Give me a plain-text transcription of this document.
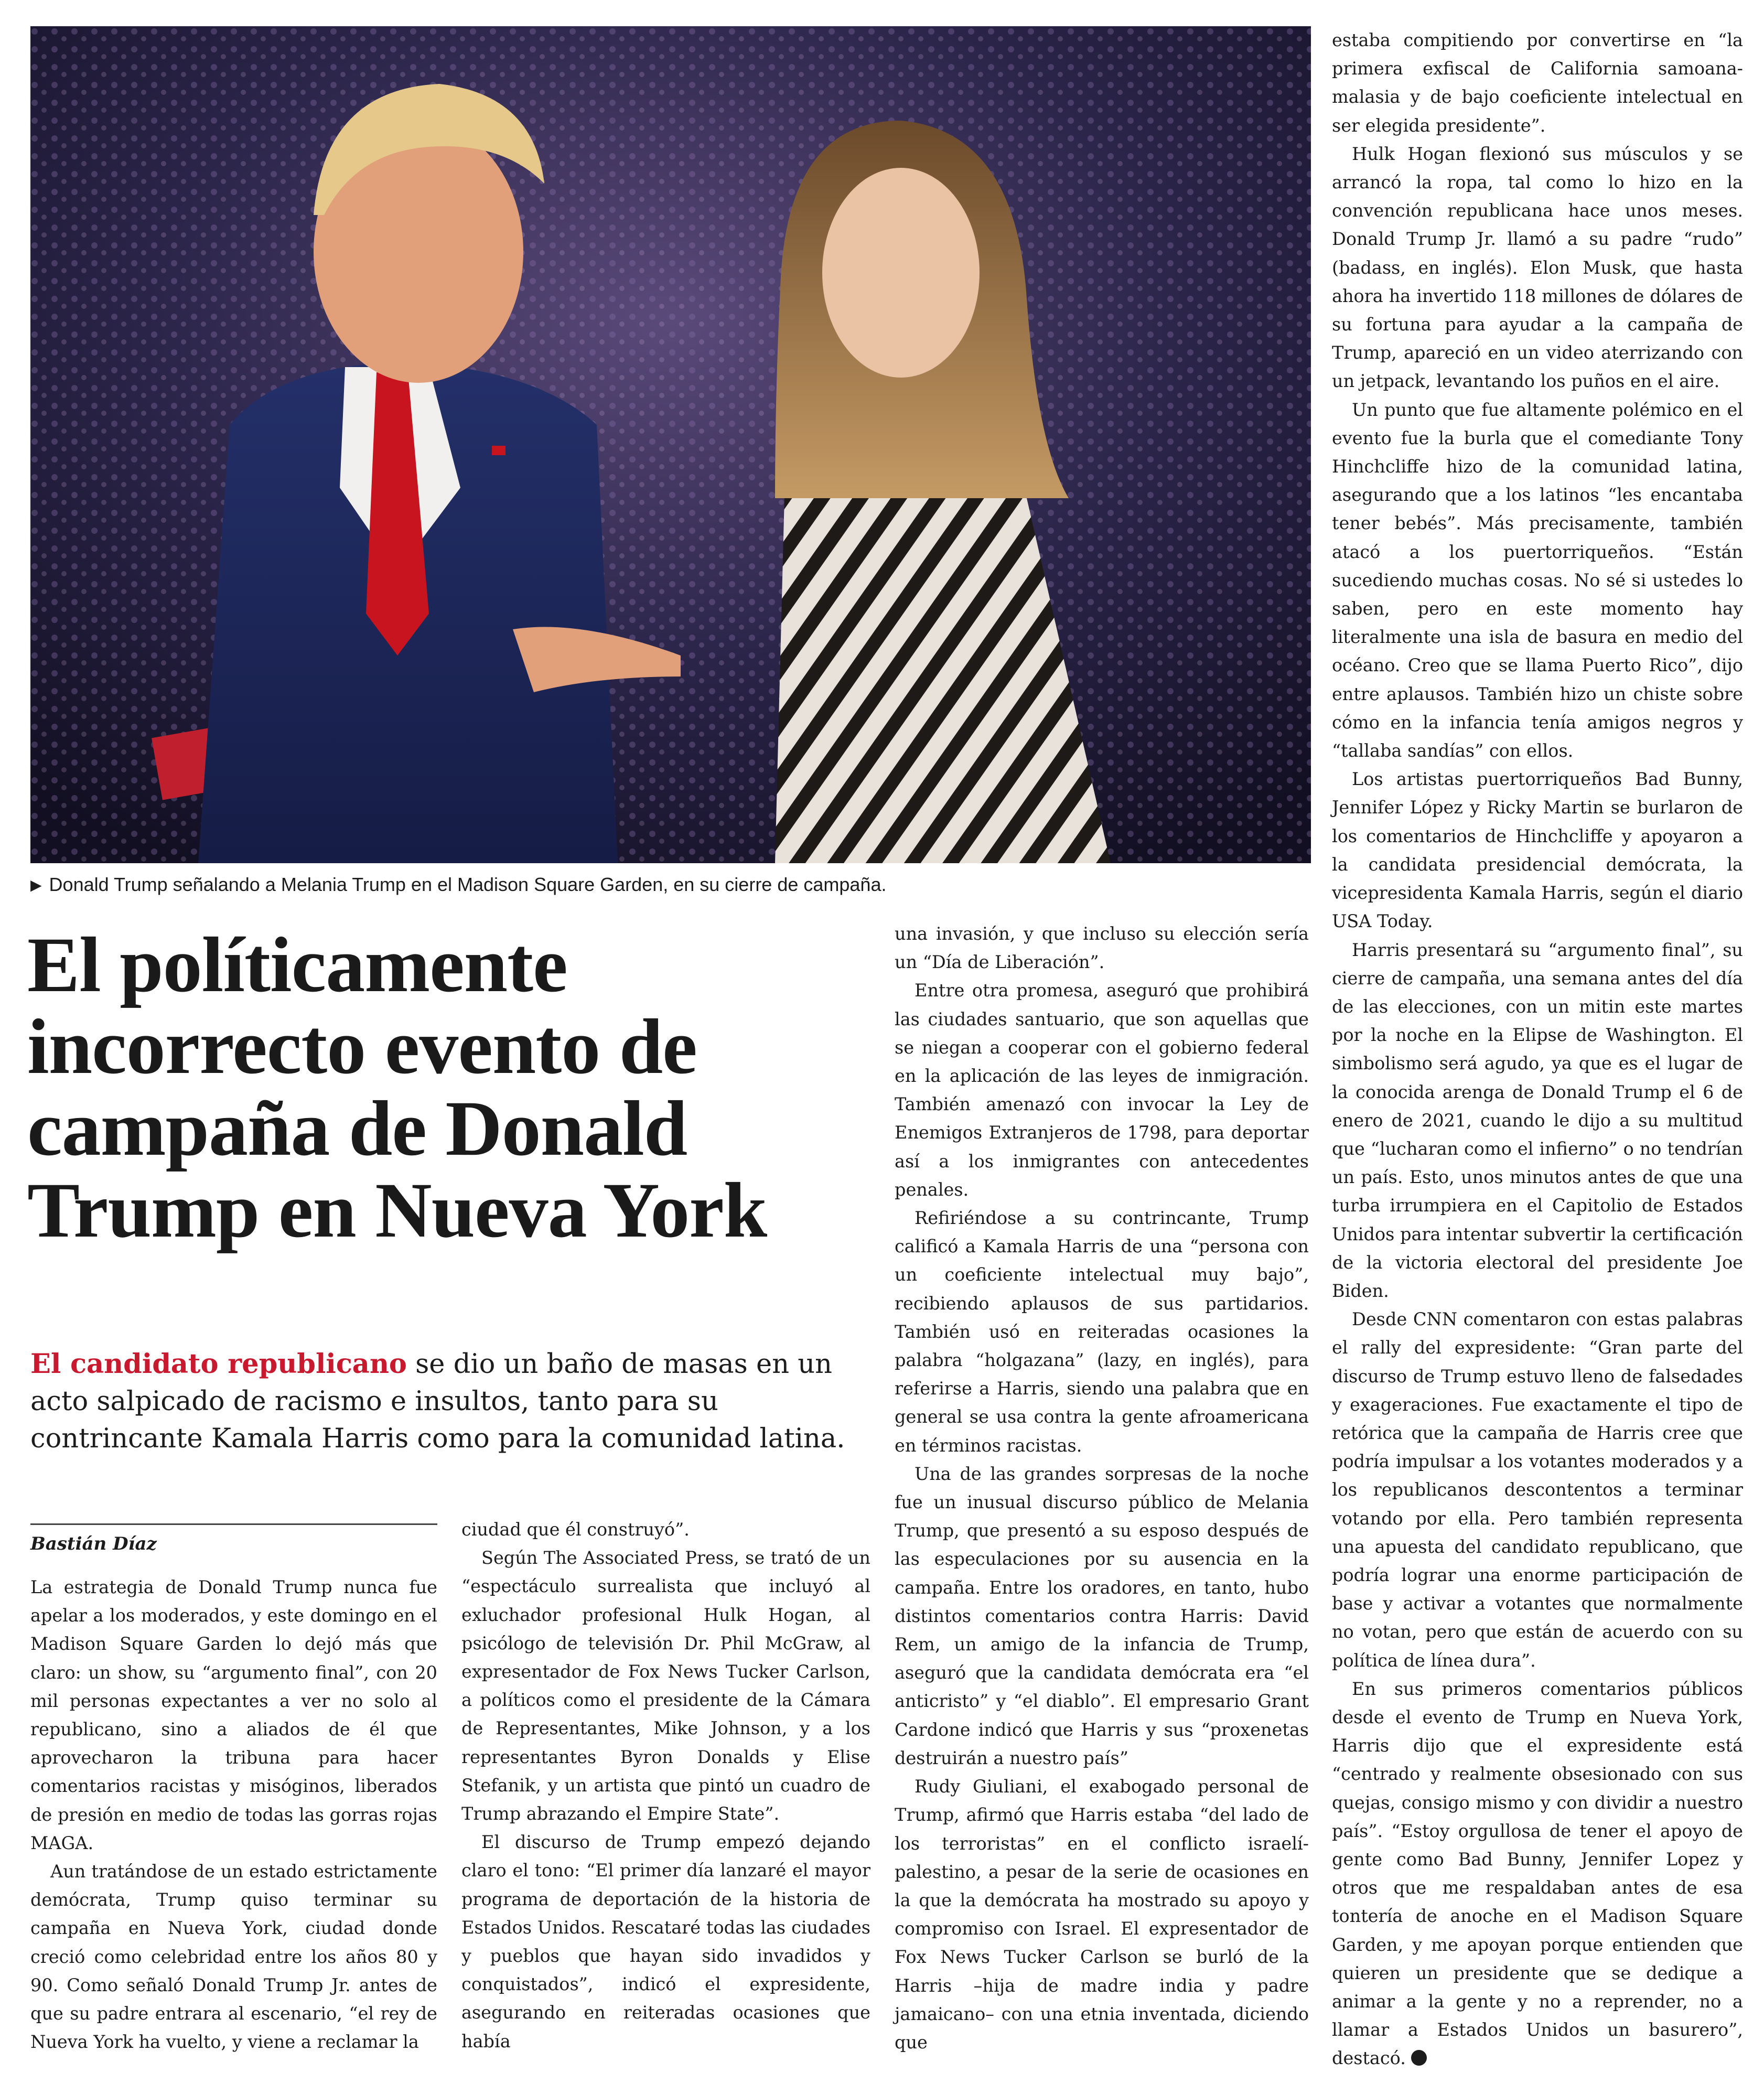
▶ Donald Trump señalando a Melania Trump en el Madison Square Garden, en su cierre de campaña.
El políticamente incorrecto evento de campaña de Donald Trump en Nueva York

El candidato republicano se dio un baño de masas en un acto salpicado de racismo e insultos, tanto para su contrincante Kamala Harris como para la comunidad latina.

Bastián Díaz

La estrategia de Donald Trump nunca fue apelar a los moderados, y este domingo en el Madison Square Garden lo dejó más que claro: un show, su “argumento final”, con 20 mil personas expectantes a ver no solo al republicano, sino a aliados de él que aprovecharon la tribuna para hacer comentarios racistas y misóginos, liberados de presión en medio de todas las gorras rojas MAGA.

Aun tratándose de un estado estrictamente demócrata, Trump quiso terminar su campaña en Nueva York, ciudad donde creció como celebridad entre los años 80 y 90. Como señaló Donald Trump Jr. antes de que su padre entrara al escenario, “el rey de Nueva York ha vuelto, y viene a reclamar la

ciudad que él construyó”.

Según The Associated Press, se trató de un “espectáculo surrealista que incluyó al exluchador profesional Hulk Hogan, al psicólogo de televisión Dr. Phil McGraw, al expresentador de Fox News Tucker Carlson, a políticos como el presidente de la Cámara de Representantes, Mike Johnson, y a los representantes Byron Donalds y Elise Stefanik, y un artista que pintó un cuadro de Trump abrazando el Empire State”.

El discurso de Trump empezó dejando claro el tono: “El primer día lanzaré el mayor programa de deportación de la historia de Estados Unidos. Rescataré todas las ciudades y pueblos que hayan sido invadidos y conquistados”, indicó el expresidente, asegurando en reiteradas ocasiones que había

una invasión, y que incluso su elección sería un “Día de Liberación”.

Entre otra promesa, aseguró que prohibirá las ciudades santuario, que son aquellas que se niegan a cooperar con el gobierno federal en la aplicación de las leyes de inmigración. También amenazó con invocar la Ley de Enemigos Extranjeros de 1798, para deportar así a los inmigrantes con antecedentes penales.

Refiriéndose a su contrincante, Trump calificó a Kamala Harris de una “persona con un coeficiente intelectual muy bajo”, recibiendo aplausos de sus partidarios. También usó en reiteradas ocasiones la palabra “holgazana” (lazy, en inglés), para referirse a Harris, siendo una palabra que en general se usa contra la gente afroamericana en términos racistas.

Una de las grandes sorpresas de la noche fue un inusual discurso público de Melania Trump, que presentó a su esposo después de las especulaciones por su ausencia en la campaña. Entre los oradores, en tanto, hubo distintos comentarios contra Harris: David Rem, un amigo de la infancia de Trump, aseguró que la candidata demócrata era “el anticristo” y “el diablo”. El empresario Grant Cardone indicó que Harris y sus “proxenetas destruirán a nuestro país”

Rudy Giuliani, el exabogado personal de Trump, afirmó que Harris estaba “del lado de los terroristas” en el conflicto israelí-palestino, a pesar de la serie de ocasiones en la que la demócrata ha mostrado su apoyo y compromiso con Israel. El expresentador de Fox News Tucker Carlson se burló de la Harris –hija de madre india y padre jamaicano– con una etnia inventada, diciendo que

estaba compitiendo por convertirse en “la primera exfiscal de California samoana-malasia y de bajo coeficiente intelectual en ser elegida presidente”.

Hulk Hogan flexionó sus músculos y se arrancó la ropa, tal como lo hizo en la convención republicana hace unos meses. Donald Trump Jr. llamó a su padre “rudo” (badass, en inglés). Elon Musk, que hasta ahora ha invertido 118 millones de dólares de su fortuna para ayudar a la campaña de Trump, apareció en un video aterrizando con un jetpack, levantando los puños en el aire.

Un punto que fue altamente polémico en el evento fue la burla que el comediante Tony Hinchcliffe hizo de la comunidad latina, asegurando que a los latinos “les encantaba tener bebés”. Más precisamente, también atacó a los puertorriqueños. “Están sucediendo muchas cosas. No sé si ustedes lo saben, pero en este momento hay literalmente una isla de basura en medio del océano. Creo que se llama Puerto Rico”, dijo entre aplausos. También hizo un chiste sobre cómo en la infancia tenía amigos negros y “tallaba sandías” con ellos.

Los artistas puertorriqueños Bad Bunny, Jennifer López y Ricky Martin se burlaron de los comentarios de Hinchcliffe y apoyaron a la candidata presidencial demócrata, la vicepresidenta Kamala Harris, según el diario USA Today.

Harris presentará su “argumento final”, su cierre de campaña, una semana antes del día de las elecciones, con un mitin este martes por la noche en la Elipse de Washington. El simbolismo será agudo, ya que es el lugar de la conocida arenga de Donald Trump el 6 de enero de 2021, cuando le dijo a su multitud que “lucharan como el infierno” o no tendrían un país. Esto, unos minutos antes de que una turba irrumpiera en el Capitolio de Estados Unidos para intentar subvertir la certificación de la victoria electoral del presidente Joe Biden.

Desde CNN comentaron con estas palabras el rally del expresidente: “Gran parte del discurso de Trump estuvo lleno de falsedades y exageraciones. Fue exactamente el tipo de retórica que la campaña de Harris cree que podría impulsar a los votantes moderados y a los republicanos descontentos a terminar votando por ella. Pero también representa una apuesta del candidato republicano, que podría lograr una enorme participación de base y activar a votantes que normalmente no votan, pero que están de acuerdo con su política de línea dura”.

En sus primeros comentarios públicos desde el evento de Trump en Nueva York, Harris dijo que el expresidente está “centrado y realmente obsesionado con sus quejas, consigo mismo y con dividir a nuestro país”. “Estoy orgullosa de tener el apoyo de gente como Bad Bunny, Jennifer Lopez y otros que me respaldaban antes de esa tontería de anoche en el Madison Square Garden, y me apoyan porque entienden que quieren un presidente que se dedique a animar a la gente y no a reprender, no a llamar a Estados Unidos un basurero”, destacó.
